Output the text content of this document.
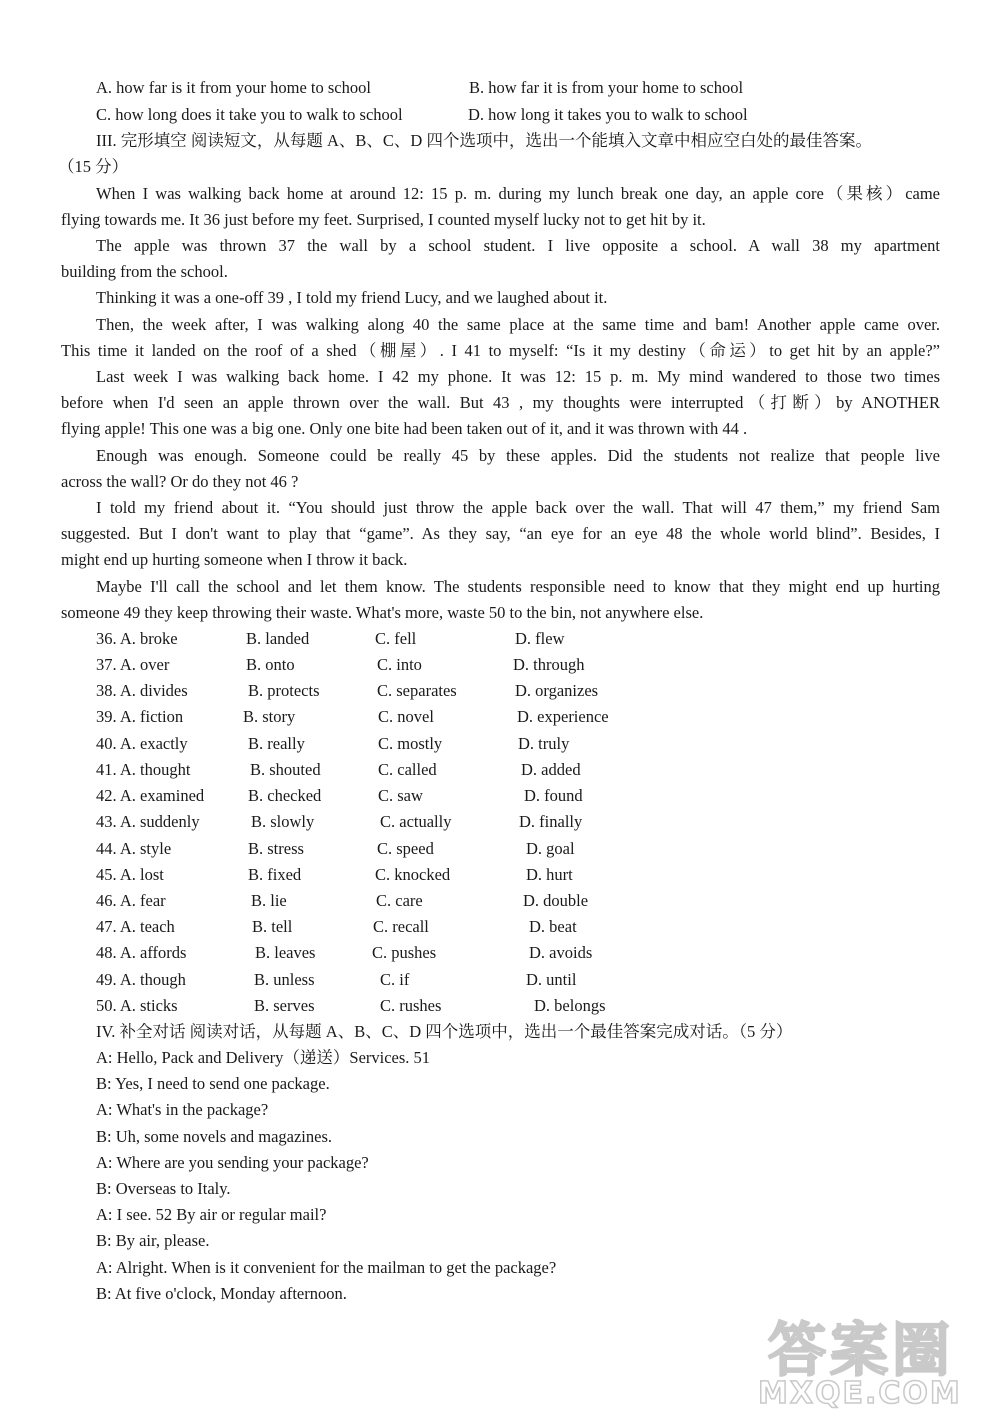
A. how far is it from your home to school	B. how far it is from your home to school
C. how long does it take you to walk to school	D. how long it takes you to walk to school
III. 完形填空 阅读短文，从每题 A、B、C、D 四个选项中，选出一个能填入文章中相应空白处的最佳答案。
（15 分）
When I was walking back home at around 12: 15 p. m. during my lunch break one day, an apple core（果核）came
flying towards me. It 36 just before my feet. Surprised, I counted myself lucky not to get hit by it.
The apple was thrown 37 the wall by a school student. I live opposite a school. A wall 38 my apartment
building from the school.
Thinking it was a one-off 39 , I told my friend Lucy, and we laughed about it.
Then, the week after, I was walking along 40 the same place at the same time and bam! Another apple came over.
This time it landed on the roof of a shed（棚屋）. I 41 to myself: “Is it my destiny（命运）to get hit by an apple?”
Last week I was walking back home. I 42 my phone. It was 12: 15 p. m. My mind wandered to those two times
before when I'd seen an apple thrown over the wall. But 43 , my thoughts were interrupted（打断）by ANOTHER
flying apple! This one was a big one. Only one bite had been taken out of it, and it was thrown with 44 .
Enough was enough. Someone could be really 45 by these apples. Did the students not realize that people live
across the wall? Or do they not 46 ?
I told my friend about it. “You should just throw the apple back over the wall. That will 47 them,” my friend Sam
suggested. But I don't want to play that “game”. As they say, “an eye for an eye 48 the whole world blind”. Besides, I
might end up hurting someone when I throw it back.
Maybe I'll call the school and let them know. The students responsible need to know that they might end up hurting
someone 49 they keep throwing their waste. What's more, waste 50 to the bin, not anywhere else.
36. A. broke	B. landed	C. fell	D. flew
37. A. over	B. onto	C. into	D. through
38. A. divides	B. protects	C. separates	D. organizes
39. A. fiction	B. story	C. novel	D. experience
40. A. exactly	B. really	C. mostly	D. truly
41. A. thought	B. shouted	C. called	D. added
42. A. examined	B. checked	C. saw	D. found
43. A. suddenly	B. slowly	C. actually	D. finally
44. A. style	B. stress	C. speed	D. goal
45. A. lost	B. fixed	C. knocked	D. hurt
46. A. fear	B. lie	C. care	D. double
47. A. teach	B. tell	C. recall	D. beat
48. A. affords	B. leaves	C. pushes	D. avoids
49. A. though	B. unless	C. if	D. until
50. A. sticks	B. serves	C. rushes	D. belongs
IV. 补全对话 阅读对话，从每题 A、B、C、D 四个选项中，选出一个最佳答案完成对话。（5 分）
A: Hello, Pack and Delivery（递送）Services. 51
B: Yes, I need to send one package.
A: What's in the package?
B: Uh, some novels and magazines.
A: Where are you sending your package?
B: Overseas to Italy.
A: I see. 52 By air or regular mail?
B: By air, please.
A: Alright. When is it convenient for the mailman to get the package?
B: At five o'clock, Monday afternoon.
答案圈
MXQE.COM
